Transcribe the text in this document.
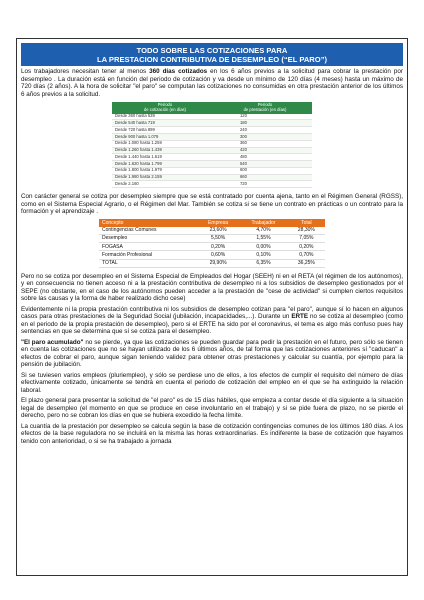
TODO SOBRE LAS COTIZACIONES PARA
LA PRESTACION CONTRIBUTIVA DE DESEMPLEO (“EL PARO”)

Los trabajadores necesitan tener al menos 360 días cotizados en los 6 años previos a la solicitud para cobrar la prestación por desempleo . La duración está en función del periodo de cotización y va desde un mínimo de 120 días (4 meses) hasta un máximo de 720 días (2 años). A la hora de solicitar "el paro" se computan las cotizaciones no consumidas en otra prestación anterior de los últimos 6 años previos a la solicitud.

Periodo
de cotización (en días)	Periodo
de prestación (en días)
Desde 360 hasta 539	120
Desde 540 hasta 719	180
Desde 720 hasta 899	240
Desde 900 hasta 1.079	300
Desde 1.080 hasta 1.259	360
Desde 1.260 hasta 1.439	420
Desde 1.440 hasta 1.619	480
Desde 1.620 hasta 1.799	540
Desde 1.800 hasta 1.979	600
Desde 1.980 hasta 2.159	660
Desde 2.160	720

Con carácter general se cotiza por desempleo siempre que se está contratado por cuenta ajena, tanto en el Régimen General (RGSS), como en el Sistema Especial Agrario, o el Régimen del Mar. También se cotiza si se tiene un contrato en prácticas o un contrato para la formación y el aprendizaje .

Concepto	Empresa	Trabajador	Total
Contingencias Comunes	23,60%	4,70%	28,30%
Desempleo	5,50%	1,55%	7,05%
FOGASA	0,20%	0,00%	0,20%
Formación Profesional	0,60%	0,10%	0,70%
TOTAL	29,90%	6,35%	36,25%

Pero no se cotiza por desempleo en el Sistema Especial de Empleados del Hogar (SEEH) ni en el RETA (el régimen de los autónomos), y en consecuencia no tienen acceso ni a la prestación contributiva de desempleo ni a los subsidios de desempleo gestionados por el SEPE (no obstante, en el caso de los autónomos pueden acceder a la prestación de "cese de actividad" si cumplen ciertos requisitos sobre las causas y la forma de haber realizado dicho cese)

Evidentemente ni la propia prestación contributiva ni los subsidios de desempleo cotizan para "el paro", aunque sí lo hacen en algunos casos para otras prestaciones de la Seguridad Social (jubilación, incapacidades,...). Durante un ERTE no se cotiza al desempleo (como en el periodo de la propia prestación de desempleo), pero si el ERTE ha sido por el coronavirus, el tema es algo más confuso pues hay sentencias en que se determina que sí se cotiza para el desempleo.

"El paro acumulado" no se pierde, ya que las cotizaciones se pueden guardar para pedir la prestación en el futuro, pero sólo se tienen en cuenta las cotizaciones que no se hayan utilizado de los 6 últimos años, de tal forma que las cotizaciones anteriores sí "caducan" a efectos de cobrar el paro, aunque sigan teniendo validez para obtener otras prestaciones y calcular su cuantía, por ejemplo para la pensión de jubilación.

Si se tuviesen varios empleos (pluriempleo), y sólo se perdiese uno de ellos, a los efectos de cumplir el requisito del número de días efectivamente cotizado, únicamente se tendrá en cuenta el periodo de cotización del empleo en el que se ha extinguido la relación laboral.

El plazo general para presentar la solicitud de "el paro" es de 15 días hábiles, que empieza a contar desde el día siguiente a la situación legal de desempleo (el momento en que se produce en cese involuntario en el trabajo) y si se pide fuera de plazo, no se pierde el derecho, pero no se cobran los días en que se hubiera excedido la fecha límite.

La cuantía de la prestación por desempleo se calcula según la base de cotización contingencias comunes de los últimos 180 días. A los efectos de la base reguladora no se incluirá en la misma las horas extraordinarias. Es indiferente la base de cotización que hayamos tenido con anterioridad, o si se ha trabajado a jornada
